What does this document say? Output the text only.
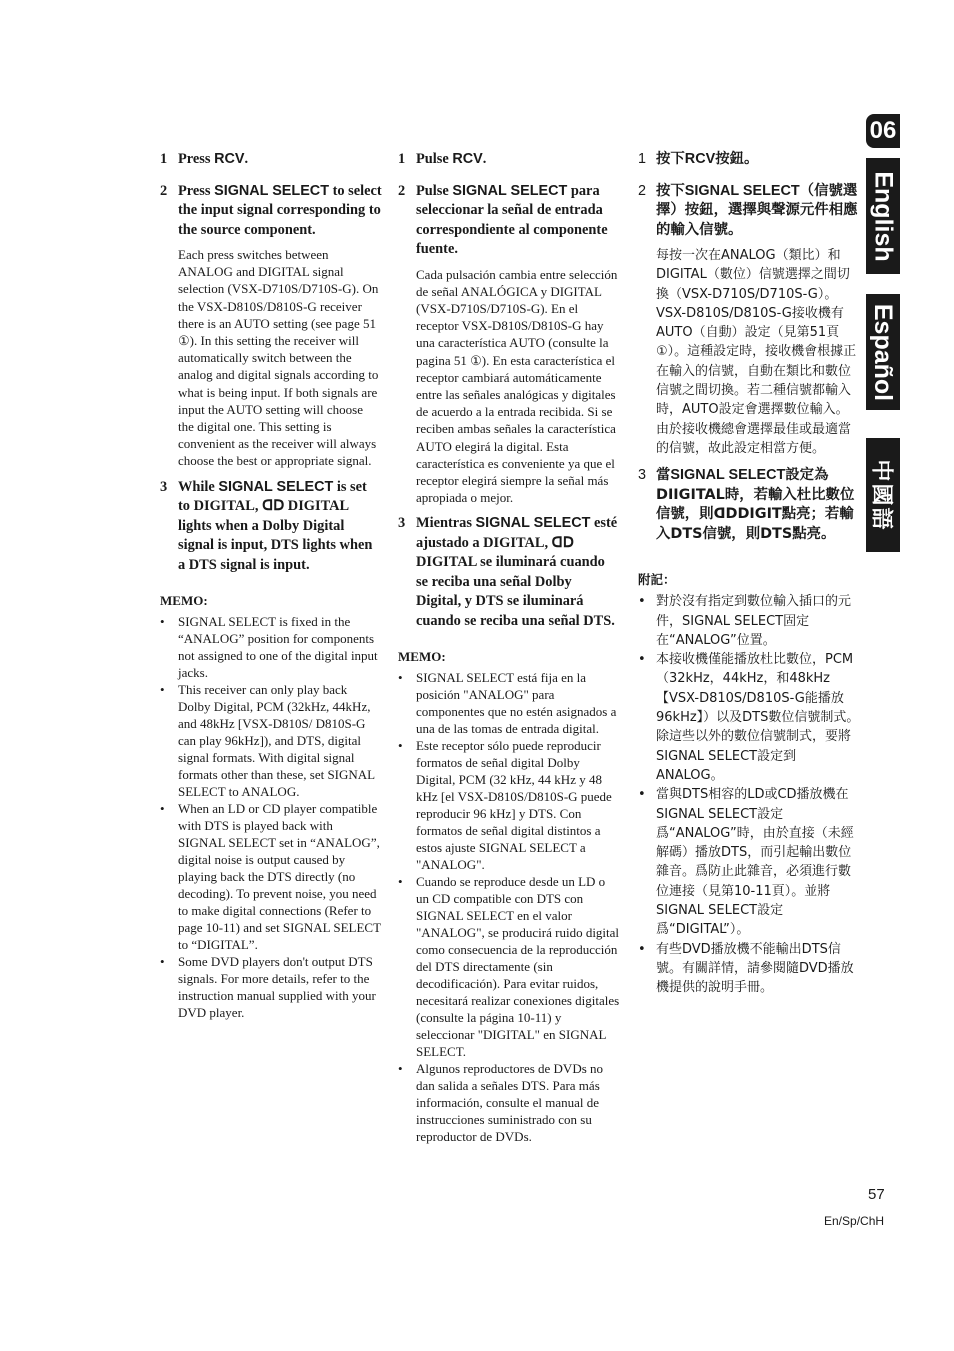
1 Press RCV.
2 Press SIGNAL SELECT to select the input signal corresponding to the source component.

Each press switches between ANALOG and DIGITAL signal selection (VSX-D710S/D710S-G). On the VSX-D810S/D810S-G receiver there is an AUTO setting (see page 51 ①). In this setting the receiver will automatically switch between the analog and digital signals according to what is being input. If both signals are input the AUTO setting will choose the digital one. This setting is convenient as the receiver will always choose the best or appropriate signal.

3 While SIGNAL SELECT is set to DIGITAL, ᗡᗞ DIGITAL lights when a Dolby Digital signal is input, DTS lights when a DTS signal is input.
MEMO:
• SIGNAL SELECT is fixed in the “ANALOG” position for components not assigned to one of the digital input jacks.
• This receiver can only play back Dolby Digital, PCM (32kHz, 44kHz, and 48kHz [VSX-D810S/ D810S-G can play 96kHz]), and DTS, digital signal formats. With digital signal formats other than these, set SIGNAL SELECT to ANALOG.
• When an LD or CD player compatible with DTS is played back with SIGNAL SELECT set in “ANALOG”, digital noise is output caused by playing back the DTS directly (no decoding). To prevent noise, you need to make digital connections (Refer to page 10-11) and set SIGNAL SELECT to “DIGITAL”.
• Some DVD players don't output DTS signals. For more details, refer to the instruction manual supplied with your DVD player.
1 Pulse RCV.
2 Pulse SIGNAL SELECT para seleccionar la señal de entrada correspondiente al componente fuente.

Cada pulsación cambia entre selección de señal ANALÓGICA y DIGITAL (VSX-D710S/D710S-G). En el receptor VSX-D810S/D810S-G hay una característica AUTO (consulte la pagina 51 ①). En esta característica el receptor cambiará automáticamente entre las señales analógicas y digitales de acuerdo a la entrada recibida. Si se reciben ambas señales la característica AUTO elegirá la digital. Esta característica es conveniente ya que el receptor elegirá siempre la señal más apropiada o mejor.

3 Mientras SIGNAL SELECT esté ajustado a DIGITAL, ᗡᗞ DIGITAL se iluminará cuando se reciba una señal Dolby Digital, y DTS se iluminará cuando se reciba una señal DTS.
MEMO:
• SIGNAL SELECT está fija en la posición "ANALOG" para componentes que no estén asignados a una de las tomas de entrada digital.
• Este receptor sólo puede reproducir formatos de señal digital Dolby Digital, PCM (32 kHz, 44 kHz y 48 kHz [el VSX-D810S/D810S-G puede reproducir 96 kHz] y DTS. Con formatos de señal digital distintos a estos ajuste SIGNAL SELECT a "ANALOG".
• Cuando se reproduce desde un LD o un CD compatible con DTS con SIGNAL SELECT en el valor "ANALOG", se producirá ruido digital como consecuencia de la reproducción del DTS directamente (sin decodificación). Para evitar ruidos, necesitará realizar conexiones digitales (consulte la página 10-11) y seleccionar "DIGITAL" en SIGNAL SELECT.
• Algunos reproductores de DVDs no dan salida a señales DTS. Para más información, consulte el manual de instrucciones suministrado con su reproductor de DVDs.
1 按下RCV按鈕。
2 按下SIGNAL SELECT（信號選擇）按鈕，選擇與聲源元件相應的輸入信號。

每按一次在ANALOG（類比）和DIGITAL（數位）信號選擇之間切換（VSX-D710S/D710S-G）。VSX-D810S/D810S-G接收機有AUTO（自動）設定（見第51頁①）。這種設定時，接收機會根據正在輸入的信號，自動在類比和數位信號之間切換。若二種信號都輸入時，AUTO設定會選擇數位輸入。由於接收機總會選擇最佳或最適當的信號，故此設定相當方便。

3 當SIGNAL SELECT設定為DIIGITAL時，若輸入杜比數位信號，則ᗡᗞDIGIT點亮；若輸入DTS信號，則DTS點亮。
附記：
• 對於沒有指定到數位輸入插口的元件，SIGNAL SELECT固定在“ANALOG”位置。
• 本接收機僅能播放杜比數位，PCM（32kHz，44kHz，和48kHz【VSX-D810S/D810S-G能播放96kHz】）以及DTS數位信號制式。除這些以外的數位信號制式，要將SIGNAL SELECT設定到ANALOG。
• 當與DTS相容的LD或CD播放機在SIGNAL SELECT設定爲“ANALOG”時，由於直接（未經解碼）播放DTS，而引起輸出數位雜音。爲防止此雜音，必須進行數位連接（見第10-11頁）。並將SIGNAL SELECT設定爲“DIGITAL”）。
• 有些DVD播放機不能輸出DTS信號。有關詳情，請參閱隨DVD播放機提供的說明手冊。
06
English
Español
中國語
57
En/Sp/ChH
